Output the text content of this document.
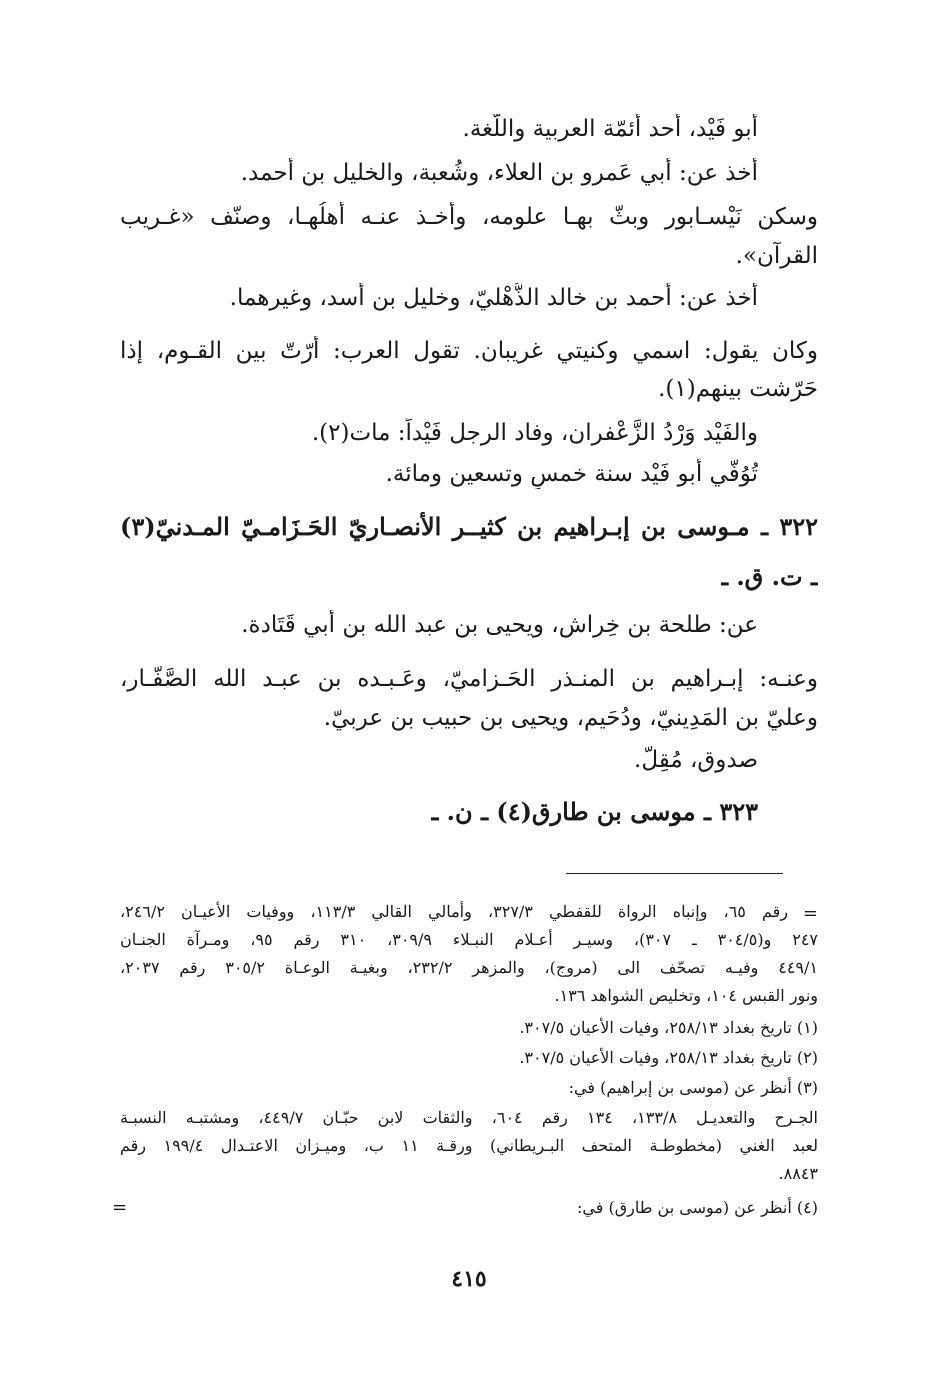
أبو فَيْد، أحد أئمّة العربية واللُّغة.
أخذ عن: أبي عَمرو بن العلاء، وشُعبة، والخليل بن أحمد.
وسكن نَيْسـابور وبثّ بهـا علومه، وأخـذ عنـه أهلُهـا، وصنّف «غـريب
القرآن».
أخذ عن: أحمد بن خالد الذُّهْليّ، وخليل بن أسد، وغيرهما.
وكان يقول: اسمي وكنيتي غريبان. تقول العرب: أَرّتّ بين القـوم، إذا
حَرّشت بينهم(١).
والفَيْد وَرْدُ الزَّعْفران، وفاد الرجل فَيْداً: مات(٢).
تُوُفّي أبو فَيْد سنة خمسٍ وتسعين ومائة.
٣٢٢ ـ مـوسى بن إبـراهيم بن كثيــر الأنصـاريّ الحَـزَامـيّ المـدنيّ(٣)
ـ ت. ق. ـ
عن: طلحة بن خِراش، ويحيى بن عبد الله بن أبي قَتَادة.
وعنـه: إبـراهيم بن المنـذر الحَـزاميّ، وعَـبـده بن عبـد الله الصَّفّـار،
وعليّ بن المَدِينيّ، ودُحَيم، ويحيى بن حبيب بن عربيّ.
صدوق، مُقِلّ.
٣٢٣ ـ موسى بن طارق(٤) ـ ن. ـ
=
رقم ٦٥، وإنباه الرواة للقفطي ٣٢٧/٣، وأمالي القالي ١١٣/٣، ووفيات الأعيـان ٢٤٦/٢،
٢٤٧ و(٣٠٤/٥ ـ ٣٠٧)، وسيـر أعـلام النبـلاء ٣٠٩/٩، ٣١٠ رقم ٩٥، ومـرآة الجنـان
٤٤٩/١ وفيـه تصحّف الى (مروج)، والمزهر ٢٣٢/٢، وبغيـة الوعـاة ٣٠٥/٢ رقم ٢٠٣٧،
ونور القبس ١٠٤، وتخليص الشواهد ١٣٦.
(١) تاريخ بغداد ٢٥٨/١٣، وفيات الأعيان ٣٠٧/٥.
(٢) تاريخ بغداد ٢٥٨/١٣، وفيات الأعيان ٣٠٧/٥.
(٣) أنظر عن (موسى بن إبراهيم) في:
الجـرح والتعديـل ١٣٣/٨، ١٣٤ رقم ٦٠٤، والثقات لابن حبّـان ٤٤٩/٧، ومشتبـه النسبـة
لعبد الغني (مخطوطـة المتحف البـريطاني) ورقـة ١١ ب، وميـزان الاعتـدال ١٩٩/٤ رقم
٨٨٤٣.
(٤) أنظر عن (موسى بن طارق) في:
=
٤١٥
